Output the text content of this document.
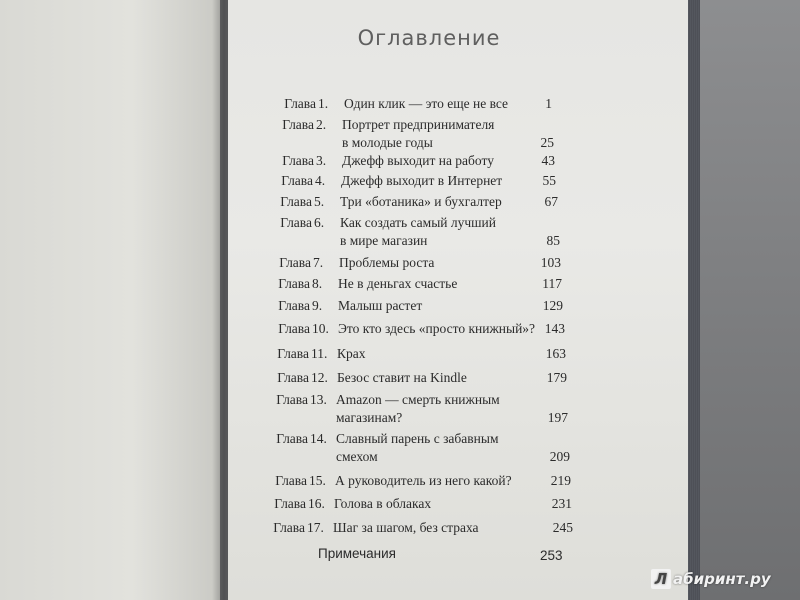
Оглавление
Глава 1. Один клик — это еще не все	1
Глава 2. Портрет предпринимателя
в молодые годы	25
Глава 3. Джефф выходит на работу	43
Глава 4. Джефф выходит в Интернет	55
Глава 5. Три «ботаника» и бухгалтер	67
Глава 6. Как создать самый лучший
в мире магазин	85
Глава 7. Проблемы роста	103
Глава 8. Не в деньгах счастье	117
Глава 9. Малыш растет	129
Глава 10. Это кто здесь «просто книжный»? 143
Глава 11. Крах	163
Глава 12. Безос ставит на Kindle	179
Глава 13. Amazon — смерть книжным
магазинам?	197
Глава 14. Славный парень с забавным
смехом	209
Глава 15. А руководитель из него какой?	219
Глава 16. Голова в облаках	231
Глава 17. Шаг за шагом, без страха	245
Примечания	253
Л абиринт.ру
